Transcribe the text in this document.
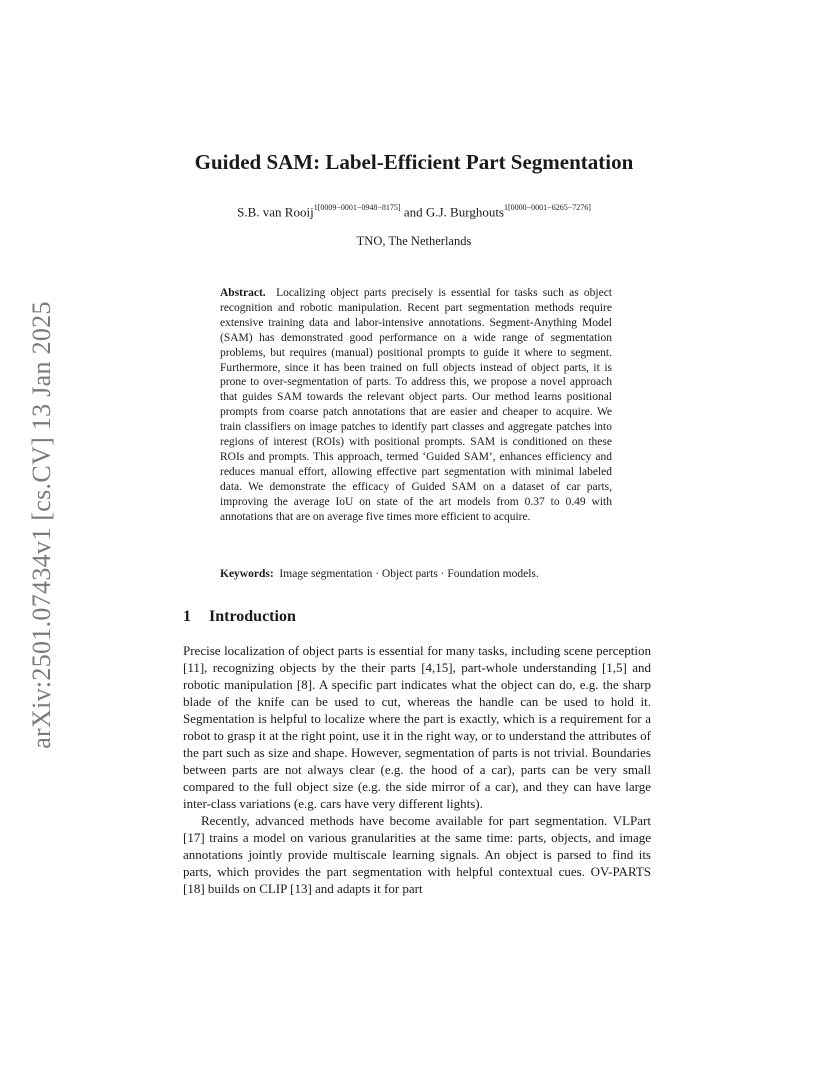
arXiv:2501.07434v1 [cs.CV] 13 Jan 2025
Guided SAM: Label-Efficient Part Segmentation
S.B. van Rooij$^{1[0009-0001-0948-8175]}$ and G.J. Burghouts$^{1[0000-0001-6265-7276]}$
TNO, The Netherlands
Abstract. Localizing object parts precisely is essential for tasks such as object recognition and robotic manipulation. Recent part segmentation methods require extensive training data and labor-intensive annotations. Segment-Anything Model (SAM) has demonstrated good performance on a wide range of segmentation problems, but requires (manual) positional prompts to guide it where to segment. Furthermore, since it has been trained on full objects instead of object parts, it is prone to over-segmentation of parts. To address this, we propose a novel approach that guides SAM towards the relevant object parts. Our method learns positional prompts from coarse patch annotations that are easier and cheaper to acquire. We train classifiers on image patches to identify part classes and aggregate patches into regions of interest (ROIs) with positional prompts. SAM is conditioned on these ROIs and prompts. This approach, termed ‘Guided SAM’, enhances efficiency and reduces manual effort, allowing effective part segmentation with minimal labeled data. We demonstrate the efficacy of Guided SAM on a dataset of car parts, improving the average IoU on state of the art models from 0.37 to 0.49 with annotations that are on average five times more efficient to acquire.
Keywords: Image segmentation · Object parts · Foundation models.
1 Introduction

Precise localization of object parts is essential for many tasks, including scene perception [11], recognizing objects by the their parts [4,15], part-whole understanding [1,5] and robotic manipulation [8]. A specific part indicates what the object can do, e.g. the sharp blade of the knife can be used to cut, whereas the handle can be used to hold it. Segmentation is helpful to localize where the part is exactly, which is a requirement for a robot to grasp it at the right point, use it in the right way, or to understand the attributes of the part such as size and shape. However, segmentation of parts is not trivial. Boundaries between parts are not always clear (e.g. the hood of a car), parts can be very small compared to the full object size (e.g. the side mirror of a car), and they can have large inter-class variations (e.g. cars have very different lights).

Recently, advanced methods have become available for part segmentation. VLPart [17] trains a model on various granularities at the same time: parts, objects, and image annotations jointly provide multiscale learning signals. An object is parsed to find its parts, which provides the part segmentation with helpful contextual cues. OV-PARTS [18] builds on CLIP [13] and adapts it for part
